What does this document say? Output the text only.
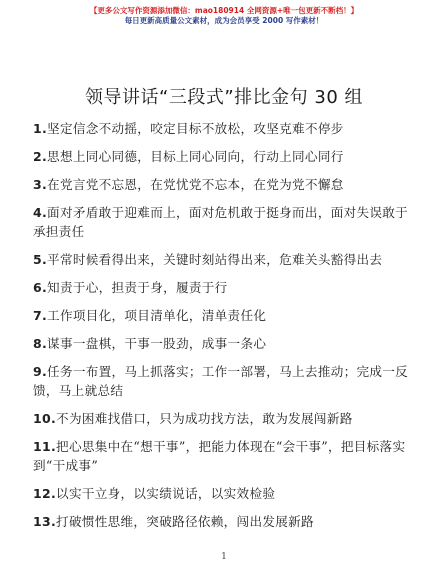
【更多公文写作资源添加微信：mao180914 全网资源+唯一包更新不断档！】
每日更新高质量公文素材，成为会员享受 2000 写作素材！
领导讲话“三段式”排比金句 30 组
1.坚定信念不动摇，咬定目标不放松，攻坚克难不停步
2.思想上同心同德，目标上同心同向，行动上同心同行
3.在党言党不忘恩，在党忧党不忘本，在党为党不懈怠
4.面对矛盾敢于迎难而上，面对危机敢于挺身而出，面对失误敢于承担责任
5.平常时候看得出来，关键时刻站得出来，危难关头豁得出去
6.知责于心，担责于身，履责于行
7.工作项目化，项目清单化，清单责任化
8.谋事一盘棋，干事一股劲，成事一条心
9.任务一布置，马上抓落实；工作一部署，马上去推动；完成一反馈，马上就总结
10.不为困难找借口，只为成功找方法，敢为发展闯新路
11.把心思集中在“想干事”，把能力体现在“会干事”，把目标落实到“干成事”
12.以实干立身，以实绩说话，以实效检验
13.打破惯性思维，突破路径依赖，闯出发展新路
1
